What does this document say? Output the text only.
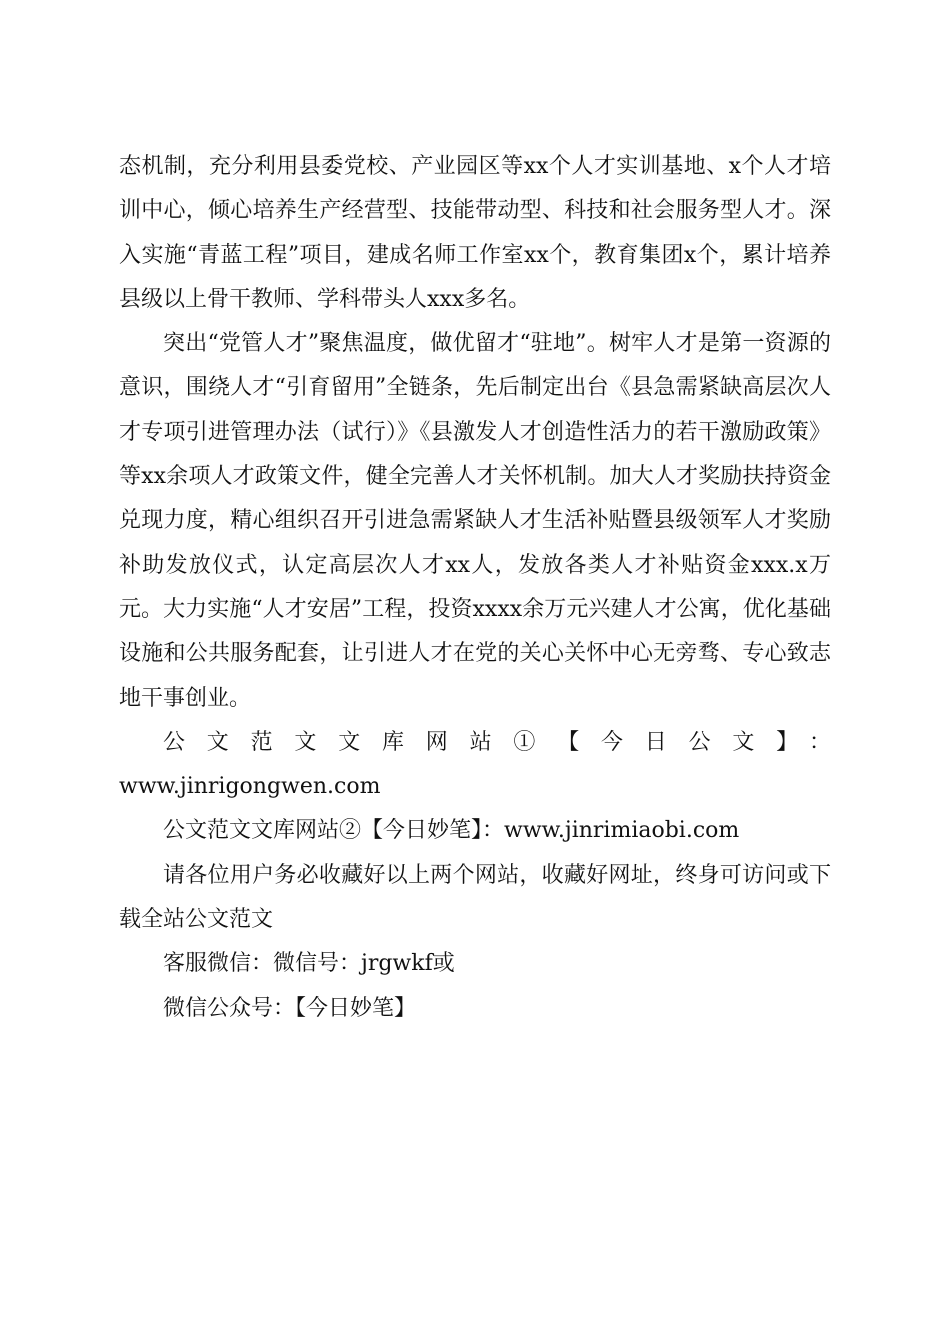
态机制，充分利用县委党校、产业园区等xx个人才实训基地、x个人才培训中心，倾心培养生产经营型、技能带动型、科技和社会服务型人才。深入实施“青蓝工程”项目，建成名师工作室xx个，教育集团x个，累计培养县级以上骨干教师、学科带头人xxx多名。

突出“党管人才”聚焦温度，做优留才“驻地”。树牢人才是第一资源的意识，围绕人才“引育留用”全链条，先后制定出台《县急需紧缺高层次人才专项引进管理办法（试行）》《县激发人才创造性活力的若干激励政策》等xx余项人才政策文件，健全完善人才关怀机制。加大人才奖励扶持资金兑现力度，精心组织召开引进急需紧缺人才生活补贴暨县级领军人才奖励补助发放仪式，认定高层次人才xx人，发放各类人才补贴资金xxx.x万元。大力实施“人才安居”工程，投资xxxx余万元兴建人才公寓，优化基础设施和公共服务配套，让引进人才在党的关心关怀中心无旁骛、专心致志地干事创业。

公文范文文库网站①【今日公文】：

www.jinrigongwen.com

公文范文文库网站②【今日妙笔】：www.jinrimiaobi.com

请各位用户务必收藏好以上两个网站，收藏好网址，终身可访问或下载全站公文范文

客服微信：微信号：jrgwkf或

微信公众号：【今日妙笔】
